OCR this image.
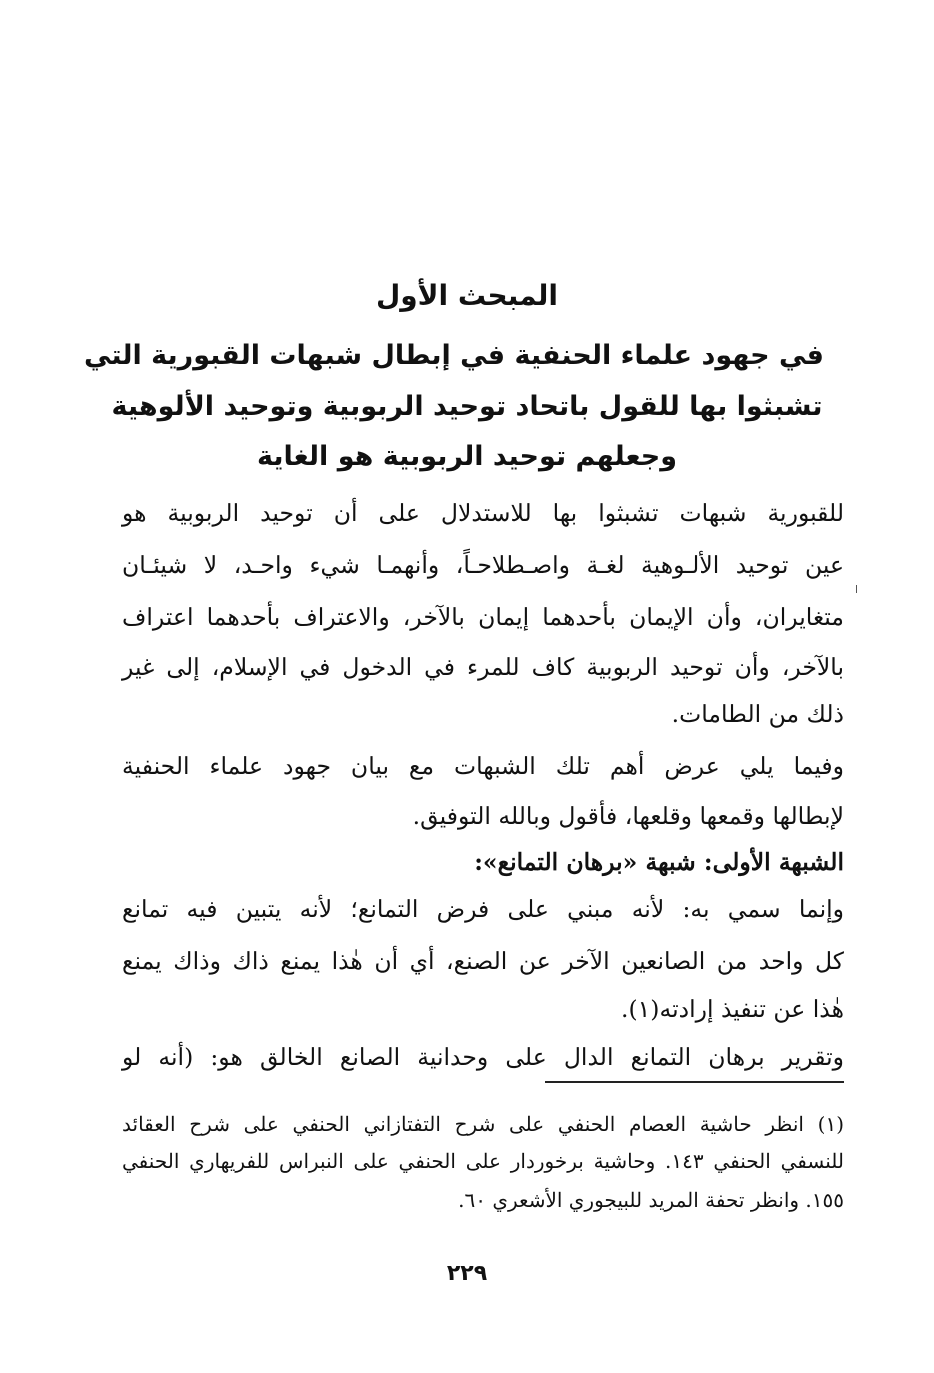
المبحث الأول
في جهود علماء الحنفية في إبطال شبهات القبورية التي
تشبثوا بها للقول باتحاد توحيد الربوبية وتوحيد الألوهية
وجعلهم توحيد الربوبية هو الغاية
للقبورية شبهات تشبثوا بها للاستدلال على أن توحيد الربوبية هو
عين توحيد الألـوهية لغـة واصـطلاحـاً، وأنهمـا شيء واحـد، لا شيئـان
متغايران، وأن الإيمان بأحدهما إيمان بالآخر، والاعتراف بأحدهما اعتراف
بالآخر، وأن توحيد الربوبية كاف للمرء في الدخول في الإسلام، إلى غير
ذلك من الطامات.
وفيما يلي عرض أهم تلك الشبهات مع بيان جهود علماء الحنفية
لإبطالها وقمعها وقلعها، فأقول وبالله التوفيق.
الشبهة الأولى: شبهة «برهان التمانع»:
وإنما سمي به: لأنه مبني على فرض التمانع؛ لأنه يتبين فيه تمانع
كل واحد من الصانعين الآخر عن الصنع، أي أن هٰذا يمنع ذاك وذاك يمنع
هٰذا عن تنفيذ إرادته(١).
وتقرير برهان التمانع الدال على وحدانية الصانع الخالق هو: (أنه لو
(١) انظر حاشية العصام الحنفي على شرح التفتازاني الحنفي على شرح العقائد
للنسفي الحنفي ١٤٣. وحاشية برخوردار على الحنفي على النبراس للفريهاري الحنفي
١٥٥. وانظر تحفة المريد للبيجوري الأشعري ٦٠.
٢٢٩
